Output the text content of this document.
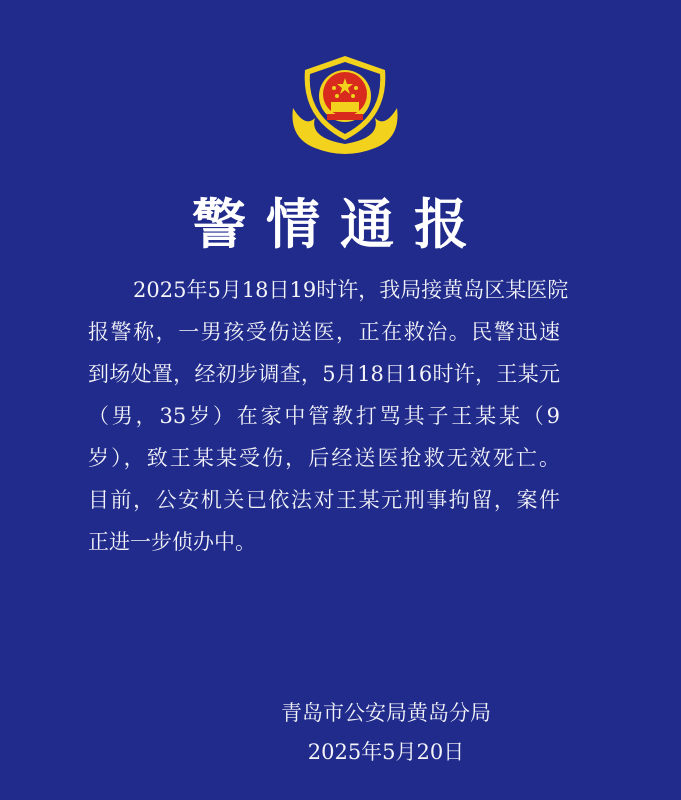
警情通报
2025年5月18日19时许，我局接黄岛区某医院
报警称，一男孩受伤送医，正在救治。民警迅速
到场处置，经初步调查，5月18日16时许，王某元
（男，35岁）在家中管教打骂其子王某某（9
岁），致王某某受伤，后经送医抢救无效死亡。
目前，公安机关已依法对王某元刑事拘留，案件
正进一步侦办中。
青岛市公安局黄岛分局
2025年5月20日
